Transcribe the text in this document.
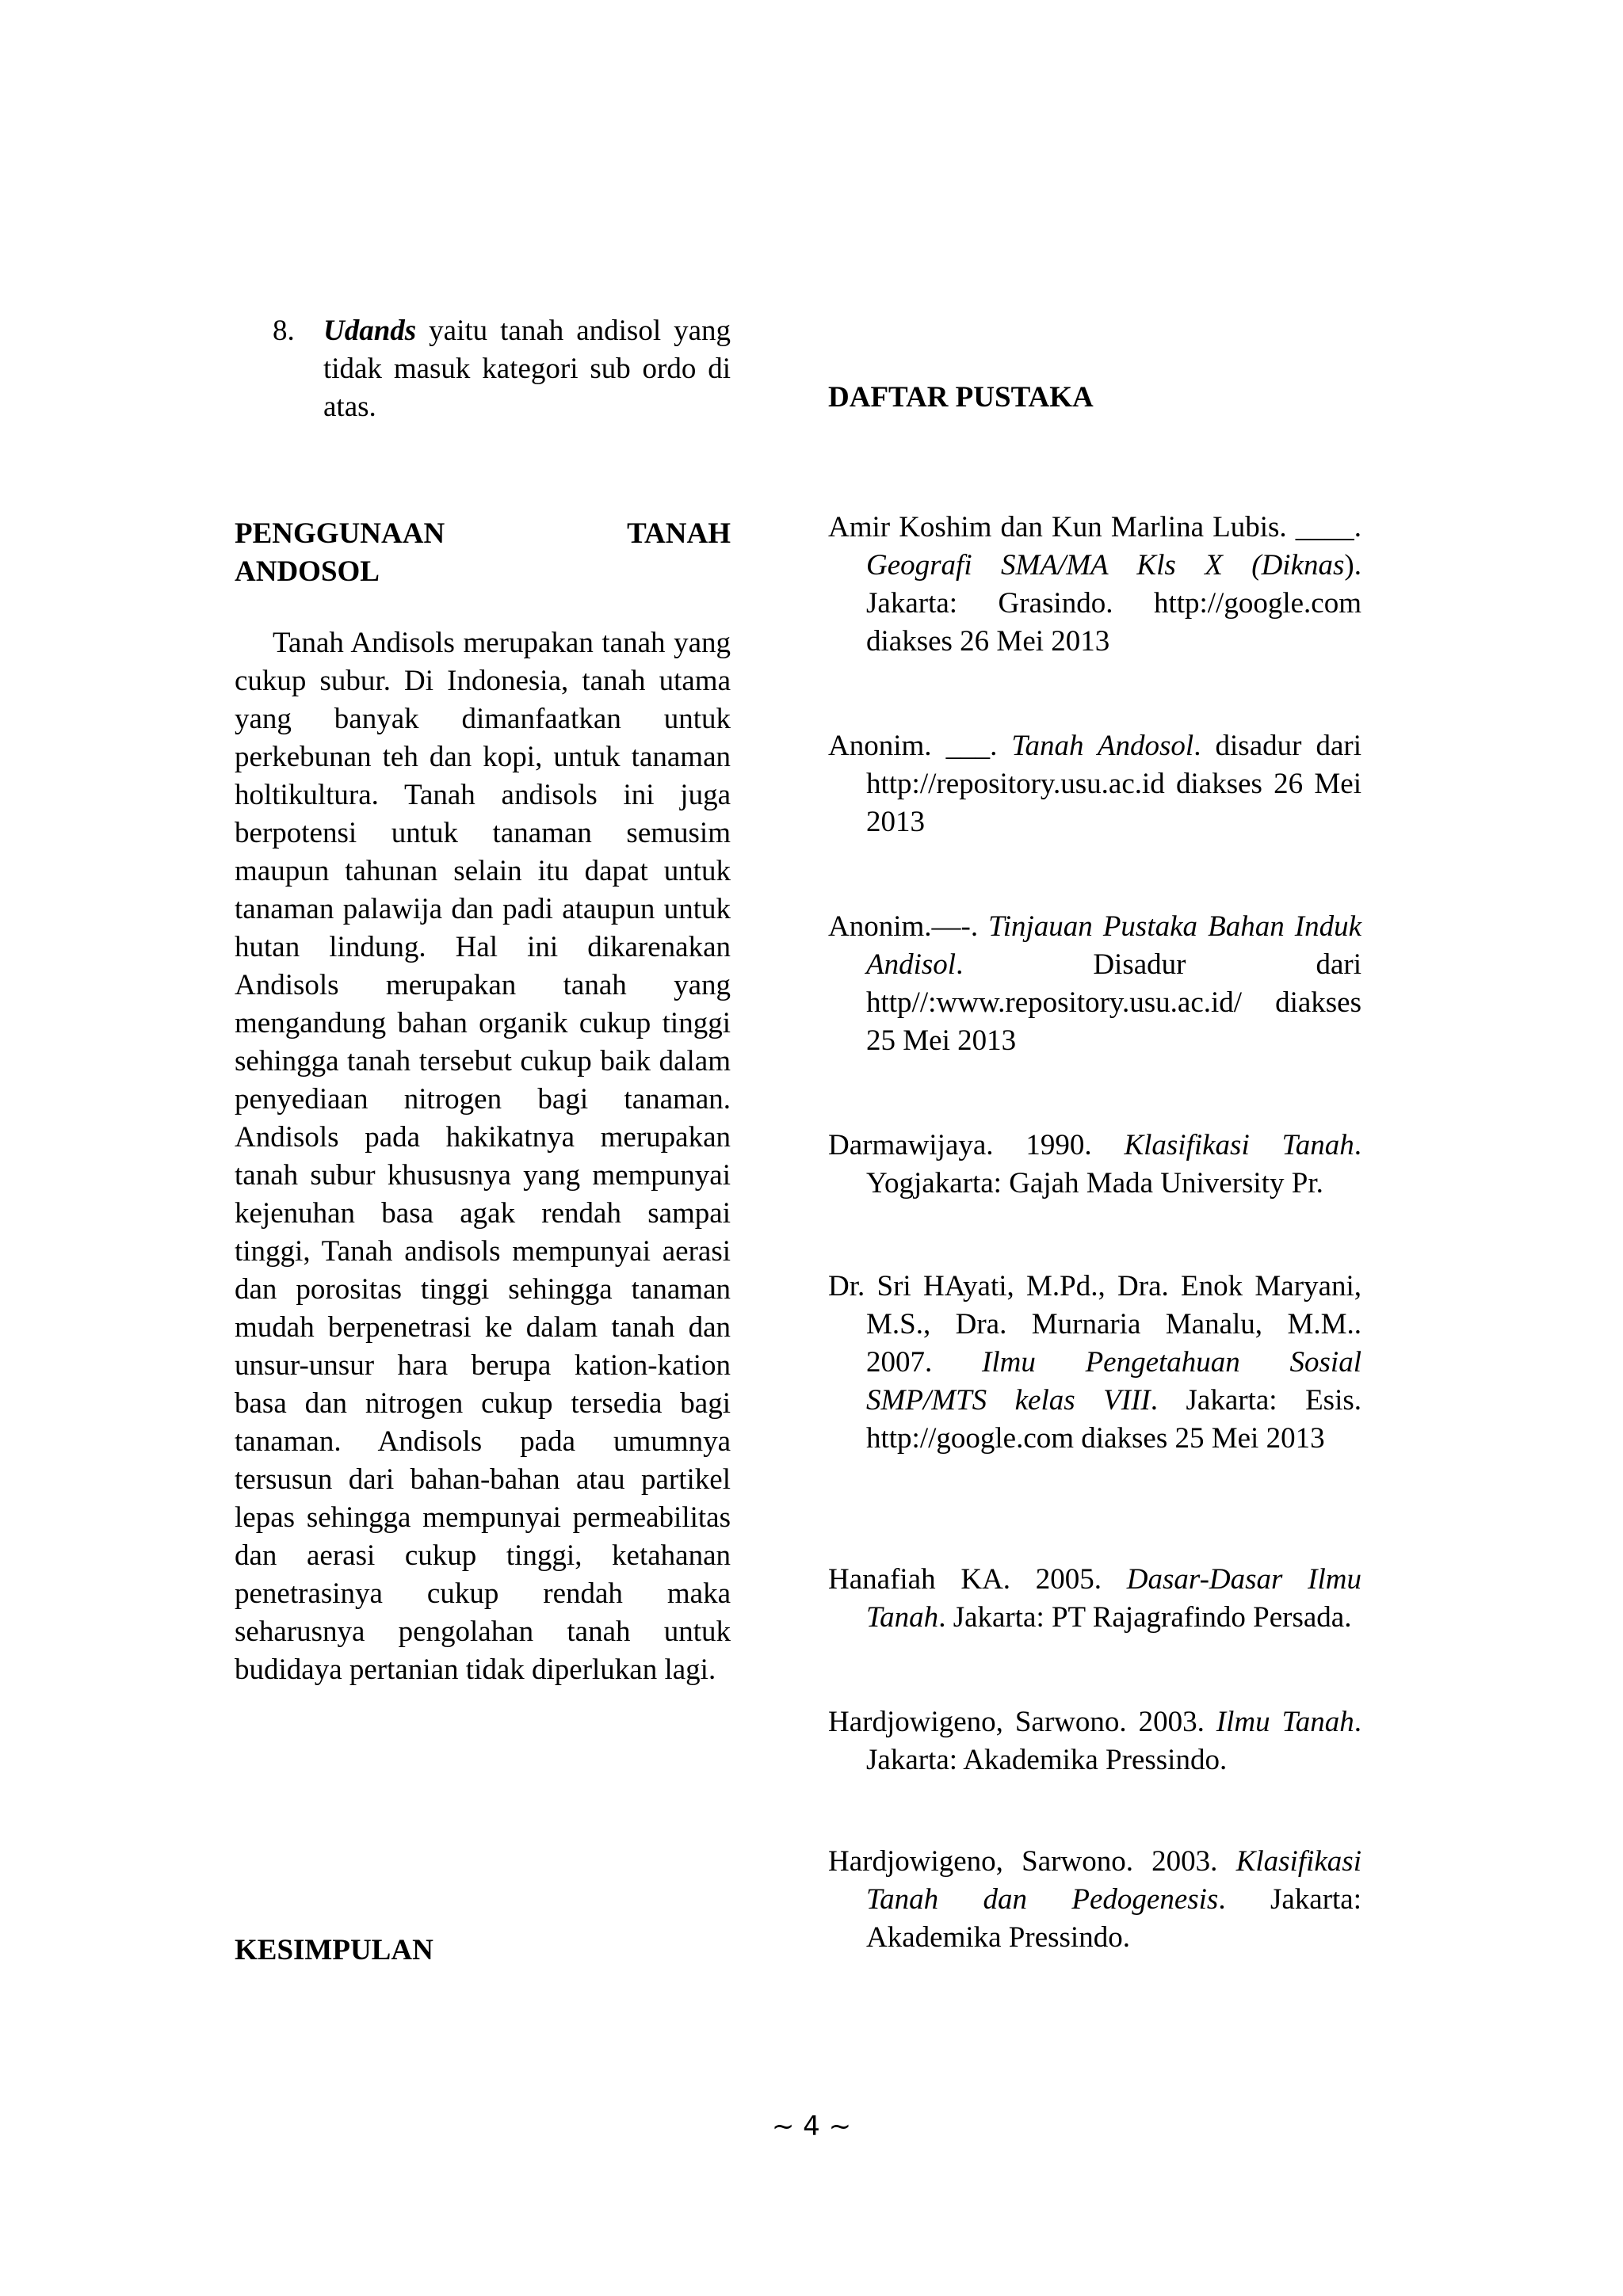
8. Udands yaitu tanah andisol yang tidak masuk kategori sub ordo di atas.
PENGGUNAAN	TANAH
ANDOSOL
Tanah Andisols merupakan tanah yang cukup subur. Di Indonesia, tanah utama yang banyak dimanfaatkan untuk perkebunan teh dan kopi, untuk tanaman holtikultura. Tanah andisols ini juga berpotensi untuk tanaman semusim maupun tahunan selain itu dapat untuk tanaman palawija dan padi ataupun untuk hutan lindung. Hal ini dikarenakan Andisols merupakan tanah yang mengandung bahan organik cukup tinggi sehingga tanah tersebut cukup baik dalam penyediaan nitrogen bagi tanaman. Andisols pada hakikatnya merupakan tanah subur khususnya yang mempunyai kejenuhan basa agak rendah sampai tinggi, Tanah andisols mempunyai aerasi dan porositas tinggi sehingga tanaman mudah berpenetrasi ke dalam tanah dan unsur-unsur hara berupa kation-kation basa dan nitrogen cukup tersedia bagi tanaman. Andisols pada umumnya tersusun dari bahan-bahan atau partikel lepas sehingga mempunyai permeabilitas dan aerasi cukup tinggi, ketahanan penetrasinya cukup rendah maka seharusnya pengolahan tanah untuk budidaya pertanian tidak diperlukan lagi.
KESIMPULAN
DAFTAR PUSTAKA
Amir Koshim dan Kun Marlina Lubis. ____. Geografi SMA/MA Kls X (Diknas). Jakarta: Grasindo. http://google.com diakses 26 Mei 2013
Anonim. ___. Tanah Andosol. disadur dari http://repository.usu.ac.id diakses 26 Mei 2013
Anonim.—-. Tinjauan Pustaka Bahan Induk Andisol. Disadur dari http//:www.repository.usu.ac.id/ diakses 25 Mei 2013
Darmawijaya. 1990. Klasifikasi Tanah. Yogjakarta: Gajah Mada University Pr.
Dr. Sri HAyati, M.Pd., Dra. Enok Maryani, M.S., Dra. Murnaria Manalu, M.M.. 2007. Ilmu Pengetahuan Sosial SMP/MTS kelas VIII. Jakarta: Esis. http://google.com diakses 25 Mei 2013
Hanafiah KA. 2005. Dasar-Dasar Ilmu Tanah. Jakarta: PT Rajagrafindo Persada.
Hardjowigeno, Sarwono. 2003. Ilmu Tanah. Jakarta: Akademika Pressindo.
Hardjowigeno, Sarwono. 2003. Klasifikasi Tanah dan Pedogenesis. Jakarta: Akademika Pressindo.
~ 4 ~
